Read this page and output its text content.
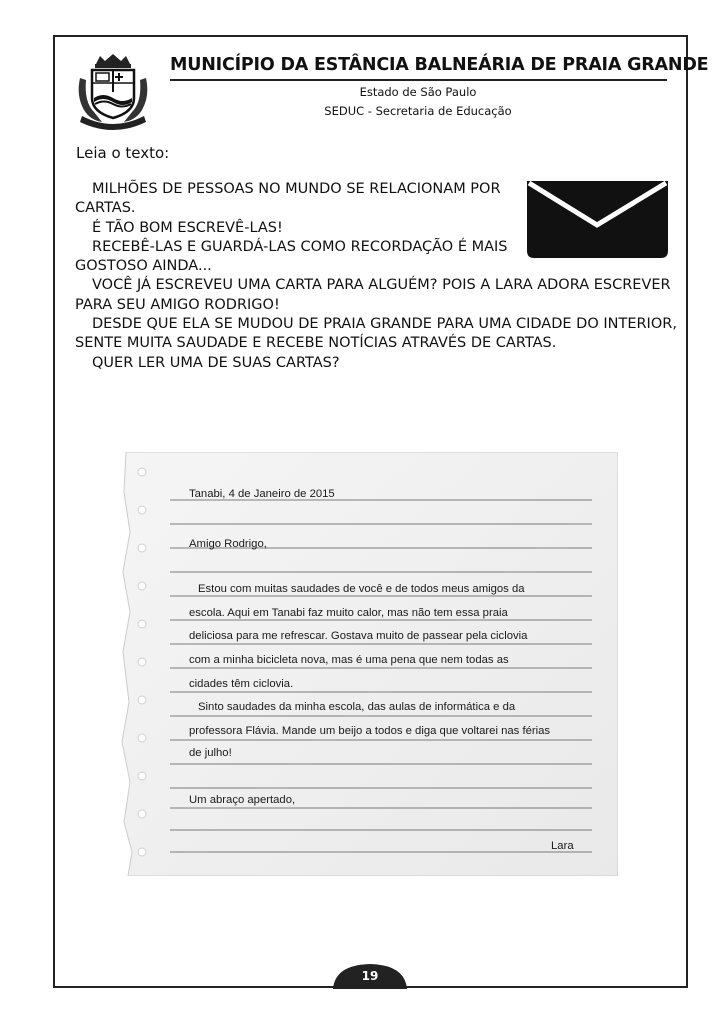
MUNICÍPIO DA ESTÂNCIA BALNEÁRIA DE PRAIA GRANDE
Estado de São Paulo
SEDUC - Secretaria de Educação
Leia o texto:
MILHÕES DE PESSOAS NO MUNDO SE RELACIONAM POR
CARTAS.
É TÃO BOM ESCREVÊ-LAS!
RECEBÊ-LAS E GUARDÁ-LAS COMO RECORDAÇÃO É MAIS
GOSTOSO AINDA...
VOCÊ JÁ ESCREVEU UMA CARTA PARA ALGUÉM? POIS A LARA ADORA ESCREVER
PARA SEU AMIGO RODRIGO!
DESDE QUE ELA SE MUDOU DE PRAIA GRANDE PARA UMA CIDADE DO INTERIOR,
SENTE MUITA SAUDADE E RECEBE NOTÍCIAS ATRAVÉS DE CARTAS.
QUER LER UMA DE SUAS CARTAS?
Tanabi, 4 de Janeiro de 2015
Amigo Rodrigo,
Estou com muitas saudades de você e de todos meus amigos da
escola. Aqui em Tanabi faz muito calor, mas não tem essa praia
deliciosa para me refrescar. Gostava muito de passear pela ciclovia
com a minha bicicleta nova, mas é uma pena que nem todas as
cidades têm ciclovia.
Sinto saudades da minha escola, das aulas de informática e da
professora Flávia. Mande um beijo a todos e diga que voltarei nas férias
de julho!
Um abraço apertado,
Lara
19
